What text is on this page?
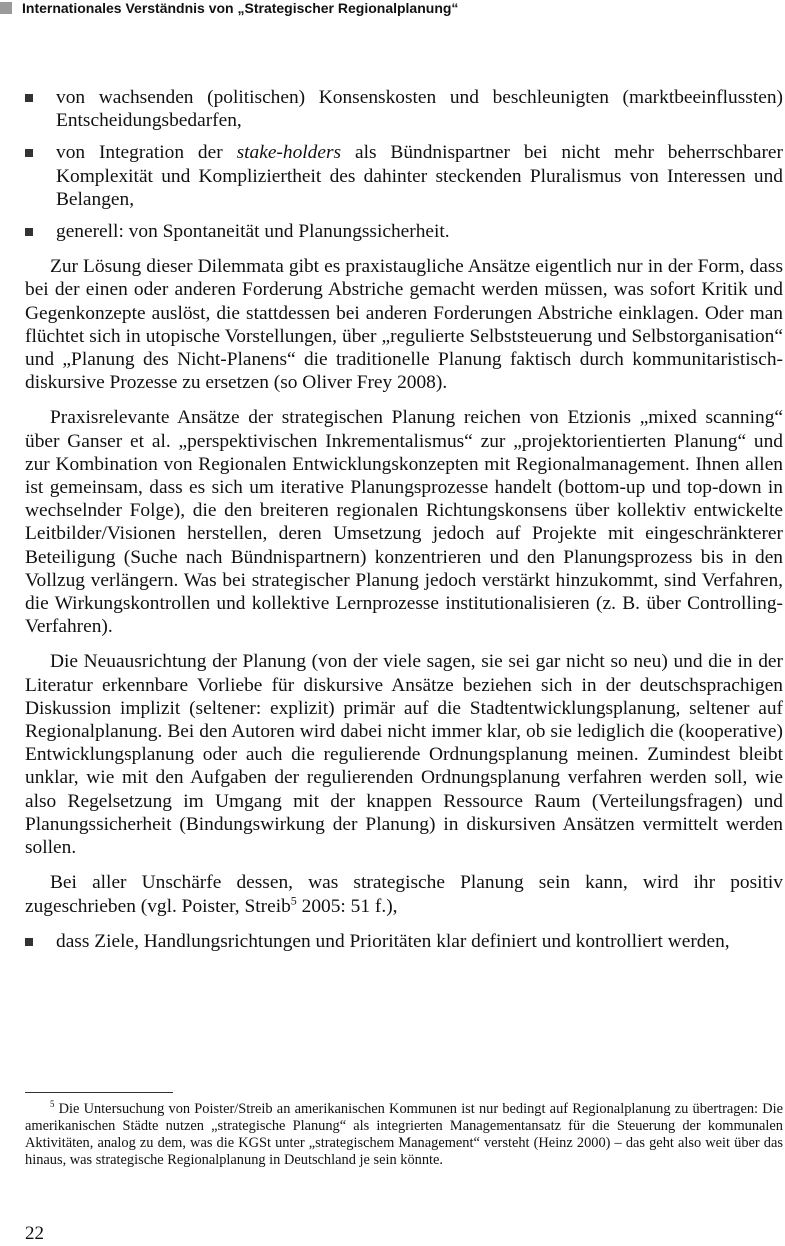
Internationales Verständnis von „Strategischer Regionalplanung“
von wachsenden (politischen) Konsenskosten und beschleunigten (marktbeeinflussten) Entscheidungsbedarfen,
von Integration der stake-holders als Bündnispartner bei nicht mehr beherrschbarer Komplexität und Kompliziertheit des dahinter steckenden Pluralismus von Interessen und Belangen,
generell: von Spontaneität und Planungssicherheit.

Zur Lösung dieser Dilemmata gibt es praxistaugliche Ansätze eigentlich nur in der Form, dass bei der einen oder anderen Forderung Abstriche gemacht werden müssen, was sofort Kritik und Gegenkonzepte auslöst, die stattdessen bei anderen Forderungen Abstriche einklagen. Oder man flüchtet sich in utopische Vorstellungen, über „regulierte Selbststeuerung und Selbstorganisation“ und „Planung des Nicht-Planens“ die traditionelle Planung faktisch durch kommunitaristisch-diskursive Prozesse zu ersetzen (so Oliver Frey 2008).

Praxisrelevante Ansätze der strategischen Planung reichen von Etzionis „mixed scanning“ über Ganser et al. „perspektivischen Inkrementalismus“ zur „projektorientierten Planung“ und zur Kombination von Regionalen Entwicklungskonzepten mit Regionalmanagement. Ihnen allen ist gemeinsam, dass es sich um iterative Planungsprozesse handelt (bottom-up und top-down in wechselnder Folge), die den breiteren regionalen Richtungskonsens über kollektiv entwickelte Leitbilder/Visionen herstellen, deren Umsetzung jedoch auf Projekte mit eingeschränkterer Beteiligung (Suche nach Bündnispartnern) konzentrieren und den Planungsprozess bis in den Vollzug verlängern. Was bei strategischer Planung jedoch verstärkt hinzukommt, sind Verfahren, die Wirkungskontrollen und kollektive Lernprozesse institutionalisieren (z. B. über Controlling-Verfahren).

Die Neuausrichtung der Planung (von der viele sagen, sie sei gar nicht so neu) und die in der Literatur erkennbare Vorliebe für diskursive Ansätze beziehen sich in der deutschsprachigen Diskussion implizit (seltener: explizit) primär auf die Stadtentwicklungsplanung, seltener auf Regionalplanung. Bei den Autoren wird dabei nicht immer klar, ob sie lediglich die (kooperative) Entwicklungsplanung oder auch die regulierende Ordnungsplanung meinen. Zumindest bleibt unklar, wie mit den Aufgaben der regulierenden Ordnungsplanung verfahren werden soll, wie also Regelsetzung im Umgang mit der knappen Ressource Raum (Verteilungsfragen) und Planungssicherheit (Bindungswirkung der Planung) in diskursiven Ansätzen vermittelt werden sollen.

Bei aller Unschärfe dessen, was strategische Planung sein kann, wird ihr positiv zugeschrieben (vgl. Poister, Streib$^5$ 2005: 51 f.),

dass Ziele, Handlungsrichtungen und Prioritäten klar definiert und kontrolliert werden,
$^5$ Die Untersuchung von Poister/Streib an amerikanischen Kommunen ist nur bedingt auf Regionalplanung zu übertragen: Die amerikanischen Städte nutzen „strategische Planung“ als integrierten Managementansatz für die Steuerung der kommunalen Aktivitäten, analog zu dem, was die KGSt unter „strategischem Management“ versteht (Heinz 2000) – das geht also weit über das hinaus, was strategische Regionalplanung in Deutschland je sein könnte.
22
